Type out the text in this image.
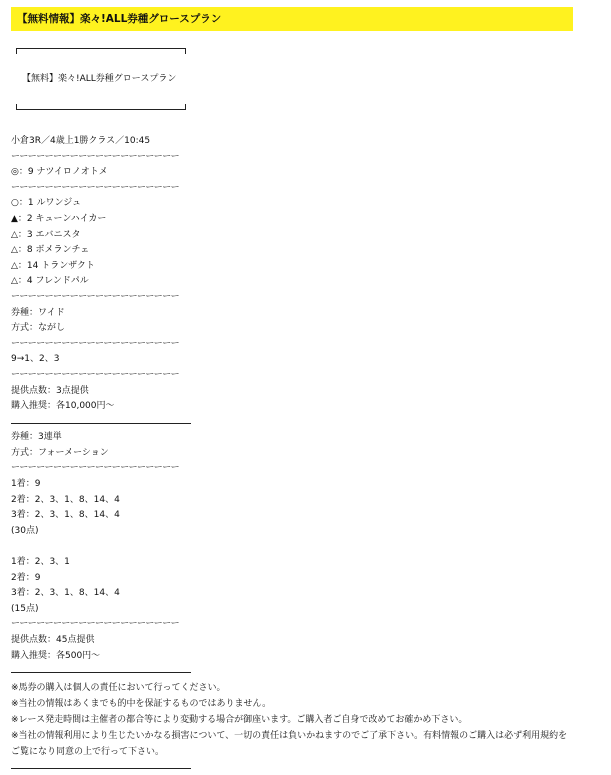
【無料情報】楽々!ALL券種グロースプラン
【無料】楽々!ALL券種グロースプラン
小倉3R／4歳上1勝クラス／10:45
ーーーーーーーーーーーーーーーーーーーー
◎：9 ナツイロノオトメ
ーーーーーーーーーーーーーーーーーーーー
○：1 ルワンジュ
▲：2 キューンハイカー
△：3 エバニスタ
△：8 ボメランチェ
△：14 トランザクト
△：4 フレンドパル
ーーーーーーーーーーーーーーーーーーーー
券種：ワイド
方式：ながし
ーーーーーーーーーーーーーーーーーーーー
9→1、2、3
ーーーーーーーーーーーーーーーーーーーー
提供点数：3点提供
購入推奨：各10,000円〜
券種：3連単
方式：フォーメーション
ーーーーーーーーーーーーーーーーーーーー
1着：9
2着：2、3、1、8、14、4
3着：2、3、1、8、14、4
(30点)
1着：2、3、1
2着：9
3着：2、3、1、8、14、4
(15点)
ーーーーーーーーーーーーーーーーーーーー
提供点数：45点提供
購入推奨：各500円〜
※馬券の購入は個人の責任において行ってください。
※当社の情報はあくまでも的中を保証するものではありません。
※レース発走時間は主催者の都合等により変動する場合が御座います。ご購入者ご自身で改めてお確かめ下さい。
※当社の情報利用により生じたいかなる損害について、一切の責任は負いかねますのでご了承下さい。有料情報のご購入は必ず利用規約をご覧になり同意の上で行って下さい。
